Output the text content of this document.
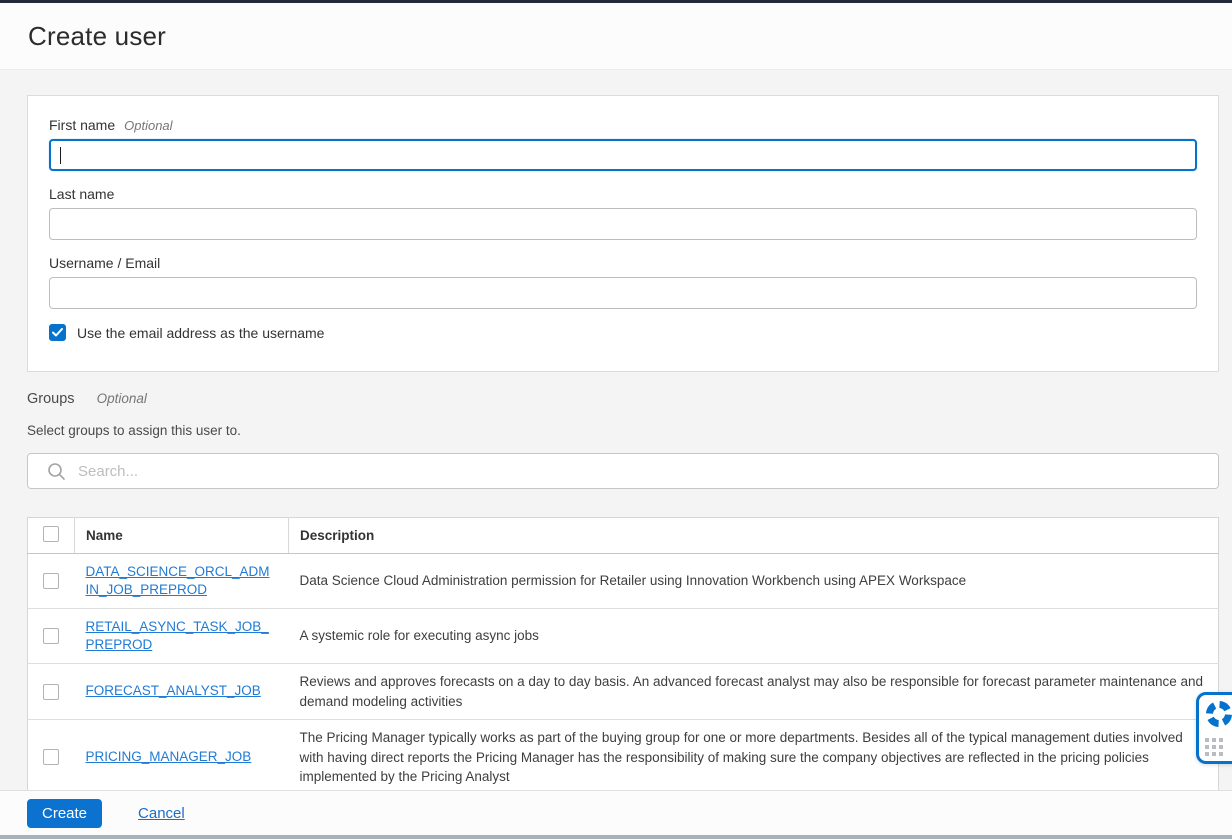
Create user
First name Optional
Last name
Username / Email
Use the email address as the username
Groups Optional
Select groups to assign this user to.
Search...
	Name	Description

	DATA_SCIENCE_ORCL_ADMIN_JOB_PREPROD	Data Science Cloud Administration permission for Retailer using Innovation Workbench using APEX Workspace

	RETAIL_ASYNC_TASK_JOB_PREPROD	A systemic role for executing async jobs

	FORECAST_ANALYST_JOB	Reviews and approves forecasts on a day to day basis. An advanced forecast analyst may also be responsible for forecast parameter maintenance and demand modeling activities

	PRICING_MANAGER_JOB	The Pricing Manager typically works as part of the buying group for one or more departments. Besides all of the typical management duties involved with having direct reports the Pricing Manager has the responsibility of making sure the company objectives are reflected in the pricing policies implemented by the Pricing Analyst

Create	Cancel
